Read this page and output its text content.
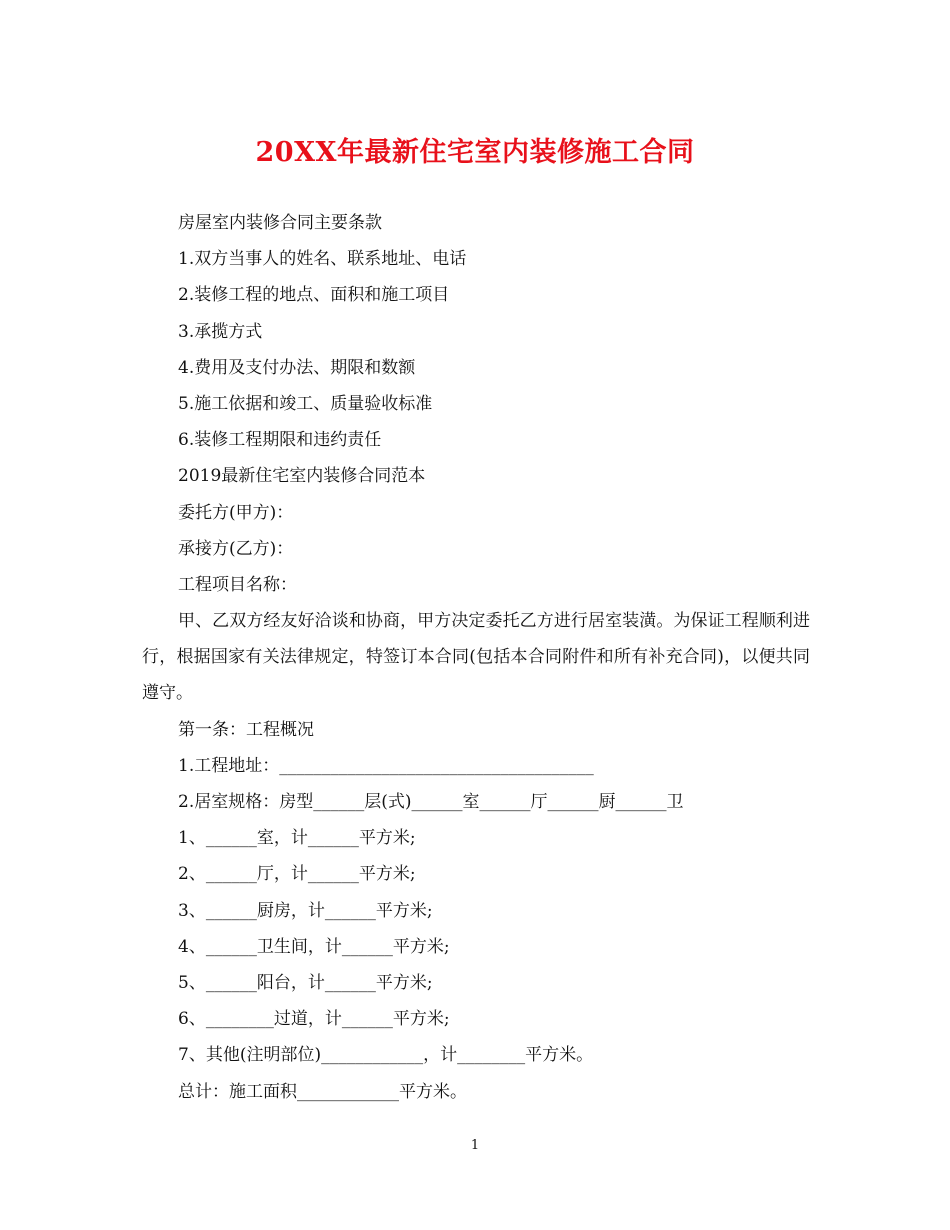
20XX年最新住宅室内装修施工合同
房屋室内装修合同主要条款
1.双方当事人的姓名、联系地址、电话
2.装修工程的地点、面积和施工项目
3.承揽方式
4.费用及支付办法、期限和数额
5.施工依据和竣工、质量验收标准
6.装修工程期限和违约责任
2019最新住宅室内装修合同范本
委托方(甲方)：
承接方(乙方)：
工程项目名称：
甲、乙双方经友好洽谈和协商，甲方决定委托乙方进行居室装潢。为保证工程顺利进行，根据国家有关法律规定，特签订本合同(包括本合同附件和所有补充合同)，以便共同遵守。
第一条：工程概况
1.工程地址：_____________________________________
2.居室规格：房型______层(式)______室______厅______厨______卫
1、______室，计______平方米;
2、______厅，计______平方米;
3、______厨房，计______平方米;
4、______卫生间，计______平方米;
5、______阳台，计______平方米;
6、________过道，计______平方米;
7、其他(注明部位)____________，计________平方米。
总计：施工面积____________平方米。
1
